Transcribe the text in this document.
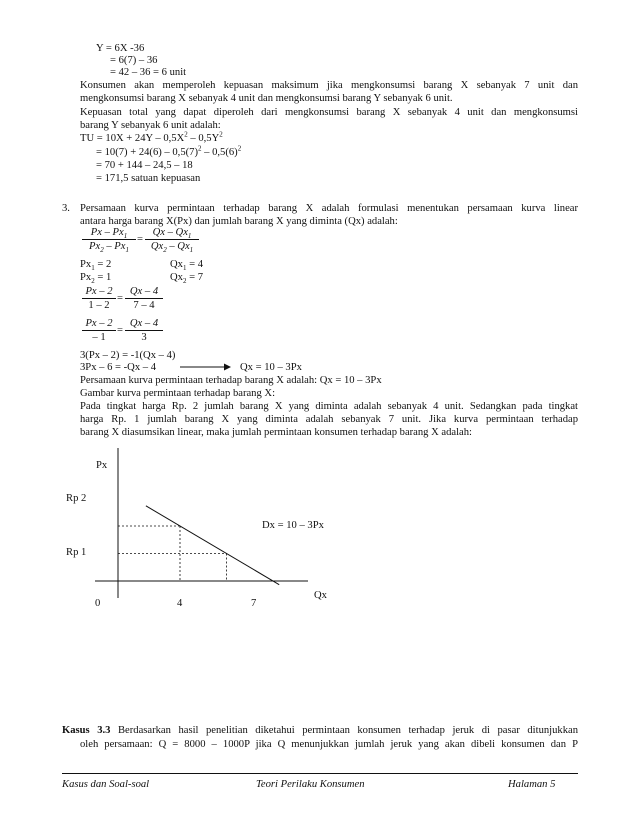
Y = 6X -36
= 6(7) – 36
= 42 – 36 = 6 unit
Konsumen akan memperoleh kepuasan maksimum jika mengkonsumsi barang X sebanyak 7 unit dan
mengkonsumsi barang X sebanyak 4 unit dan mengkonsumsi barang Y sebanyak 6 unit.
Kepuasan total yang dapat diperoleh dari mengkonsumsi barang X sebanyak 4 unit dan mengkonsumsi
barang Y sebanyak 6 unit adalah:
TU = $10X + 24Y - 0,5X^2 - 0,5Y^2$
= $10(7) + 24(6) - 0,5(7)^2 - 0,5(6)^2$
= 70 + 144 – 24,5 – 18
= 171,5 satuan kepuasan
3. Persamaan kurva permintaan terhadap barang X adalah formulasi menentukan persamaan kurva linear
antara harga barang X(Px) dan jumlah barang X yang diminta (Qx) adalah:
$\frac{Px - Px_1}{Px_2 - Px_1} = \frac{Qx - Qx_1}{Qx_2 - Qx_1}$
$Px_1 = 2$	$Qx_1 = 4$
$Px_2 = 1$	$Qx_2 = 7$
$\frac{Px - 2}{1 - 2} = \frac{Qx - 4}{7 - 4}$
$\frac{Px - 2}{- 1} = \frac{Qx - 4}{3}$
3(Px – 2) = -1(Qx – 4)
3Px – 6 = -Qx – 4	Qx = 10 – 3Px
Persamaan kurva permintaan terhadap barang X adalah: Qx = 10 – 3Px
Gambar kurva permintaan terhadap barang X:
Pada tingkat harga Rp. 2 jumlah barang X yang diminta adalah sebanyak 4 unit. Sedangkan pada tingkat
harga Rp. 1 jumlah barang X yang diminta adalah sebanyak 7 unit. Jika kurva permintaan terhadap
barang X diasumsikan linear, maka jumlah permintaan konsumen terhadap barang X adalah:
Px
Qx
Rp 2
Rp 1
0	4	7
Dx = 10 – 3Px
Kasus 3.3 Berdasarkan hasil penelitian diketahui permintaan konsumen terhadap jeruk di pasar ditunjukkan
oleh persamaan: Q = 8000 – 1000P jika Q menunjukkan jumlah jeruk yang akan dibeli konsumen dan P
Kasus dan Soal-soal	Teori Perilaku Konsumen	Halaman 5
